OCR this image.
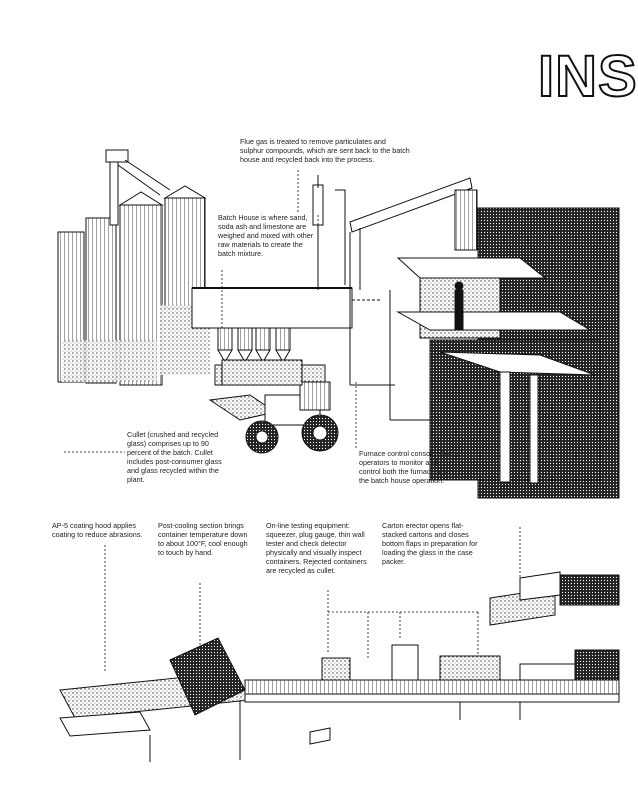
INS
Flue gas is treated to remove particulates and sulphur compounds, which are sent back to the batch house and recycled back into the process.
Batch House is where sand, soda ash and limestone are weighed and mixed with other raw materials to create the batch mixture.
Cullet (crushed and recycled glass) comprises up to 90 percent of the batch. Cullet includes post-consumer glass and glass recycled within the plant.
Furnace control console allows operators to monitor and control both the furnace and the batch house operation.
AP-5 coating hood applies coating to reduce abrasions.
Post-cooling section brings container temperature down to about 100°F, cool enough to touch by hand.
On-line testing equipment: squeezer, plug gauge, thin wall tester and check detector physically and visually inspect containers. Rejected containers are recycled as cullet.
Carton erector opens flat-stacked cartons and closes bottom flaps in preparation for loading the glass in the case packer.
